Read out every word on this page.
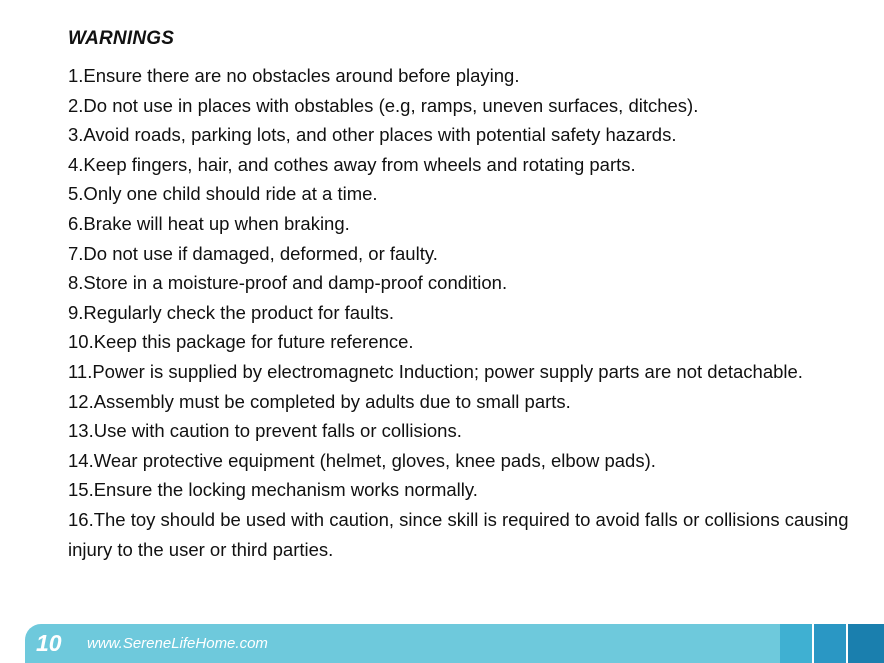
WARNINGS
1.Ensure there are no obstacles around before playing.
2.Do not use in places with obstables (e.g, ramps, uneven surfaces, ditches).
3.Avoid roads, parking lots, and other places with potential safety hazards.
4.Keep fingers, hair, and cothes away from wheels and rotating parts.
5.Only one child should ride at a time.
6.Brake will heat up when braking.
7.Do not use if damaged, deformed, or faulty.
8.Store in a moisture-proof and damp-proof condition.
9.Regularly check the product for faults.
10.Keep this package for future reference.
11.Power is supplied by electromagnetc Induction; power supply parts are not detachable.
12.Assembly must be completed by adults due to small parts.
13.Use with caution to prevent falls or collisions.
14.Wear protective equipment (helmet, gloves, knee pads, elbow pads).
15.Ensure the locking mechanism works normally.
16.The toy should be used with caution, since skill is required to avoid falls or collisions causing injury to the user or third parties.
10 www.SereneLifeHome.com
